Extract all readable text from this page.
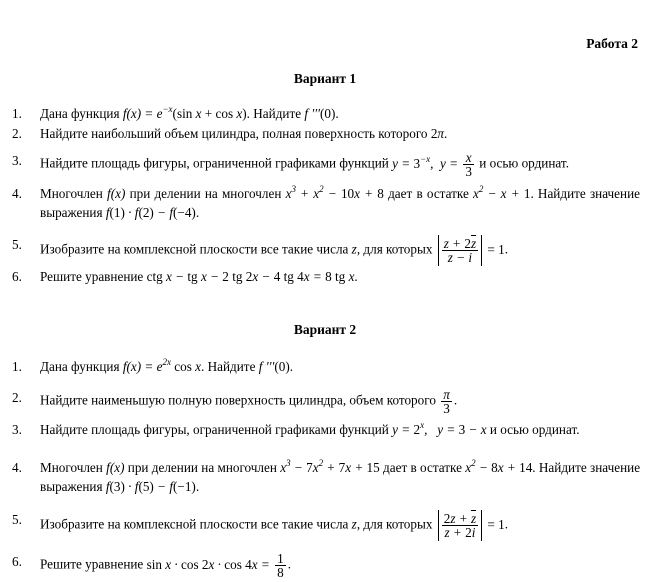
Работа 2
Вариант 1
1. Дана функция $f(x) = e^{-x}(\sin$ x + cos x). Найдите f ′′′(0).
2. Найдите наибольший объем цилиндра, полная поверхность которого 2π.
3. Найдите площадь фигуры, ограниченной графиками функций $y = 3^{-x}$,  $y = \frac{x}{3}$ и осью ординат.
4. Многочлен f(x) при делении на многочлен $x^3 + x^2 - 10x + 8$ дает в остатке $x^2 - x + 1$. Найдите значение выражения f(1) · f(2) − f(−4).
5. Изобразите на комплексной плоскости все такие числа z, для которых $\frac{z + 2\overline{z}}{z - i} = 1$.
6. Решите уравнение ctg x − tg x − 2 tg 2x − 4 tg 4x = 8 tg x.
Вариант 2
1. Дана функция $f(x) = e^{2x}$ cos x. Найдите f ′′′(0).
2. Найдите наименьшую полную поверхность цилиндра, объем которого $\frac{\pi}{3}$ .
3. Найдите площадь фигуры, ограниченной графиками функций $y = 2^x$,   y = 3 − x и осью ординат.
4. Многочлен f(x) при делении на многочлен $x^3 - 7x^2 + 7x + 15$ дает в остатке $x^2 - 8x + 14$. Найдите значение выражения f(3) · f(5) − f(−1).
5. Изобразите на комплексной плоскости все такие числа z, для которых $\frac{2z + \overline{z}}{z + 2i} = 1$.
6. Решите уравнение $\sin x \cdot \cos 2x \cdot \cos 4x = \frac{1}{8}$ .
